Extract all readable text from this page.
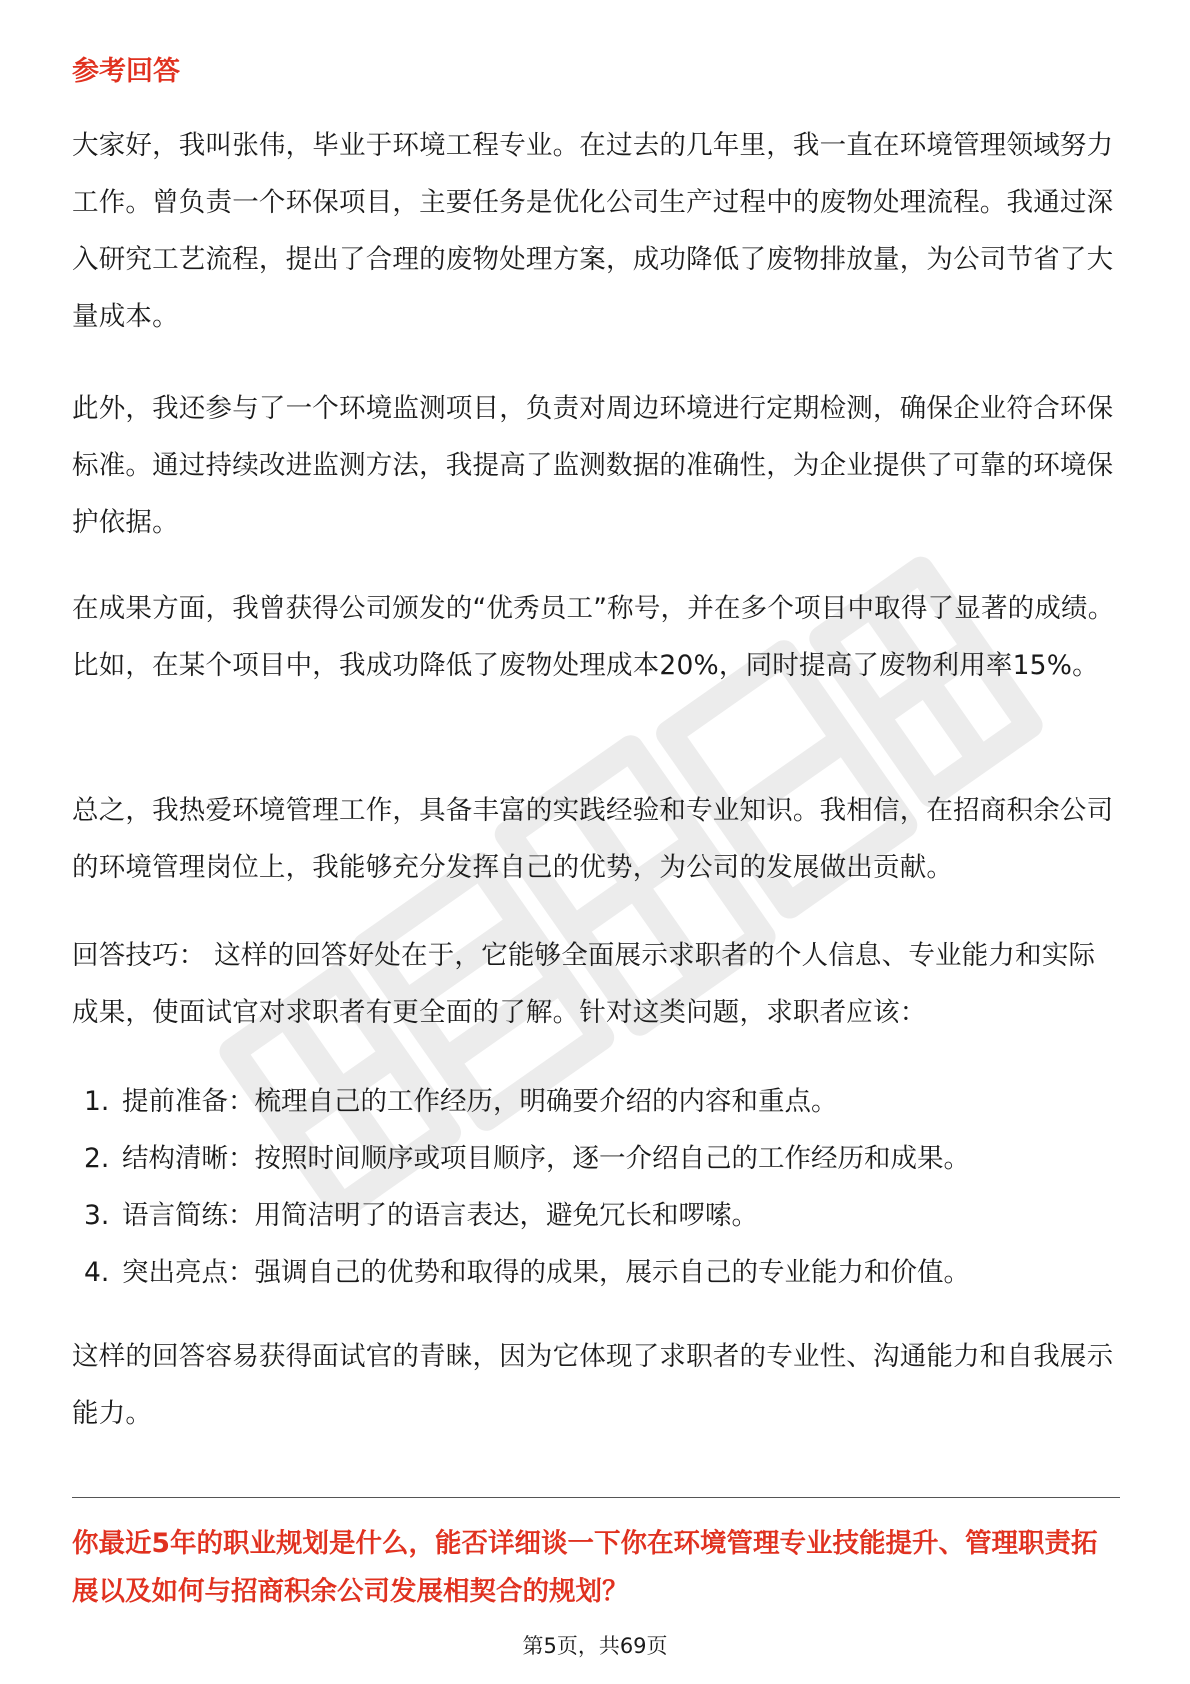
参考回答

大家好，我叫张伟，毕业于环境工程专业。在过去的几年里，我一直在环境管理领域努力工作。曾负责一个环保项目，主要任务是优化公司生产过程中的废物处理流程。我通过深入研究工艺流程，提出了合理的废物处理方案，成功降低了废物排放量，为公司节省了大量成本。

此外，我还参与了一个环境监测项目，负责对周边环境进行定期检测，确保企业符合环保标准。通过持续改进监测方法，我提高了监测数据的准确性，为企业提供了可靠的环境保护依据。

在成果方面，我曾获得公司颁发的“优秀员工”称号，并在多个项目中取得了显著的成绩。比如，在某个项目中，我成功降低了废物处理成本20%，同时提高了废物利用率15%。

总之，我热爱环境管理工作，具备丰富的实践经验和专业知识。我相信，在招商积余公司的环境管理岗位上，我能够充分发挥自己的优势，为公司的发展做出贡献。

回答技巧： 这样的回答好处在于，它能够全面展示求职者的个人信息、专业能力和实际成果，使面试官对求职者有更全面的了解。针对这类问题，求职者应该：

1. 提前准备：梳理自己的工作经历，明确要介绍的内容和重点。
2. 结构清晰：按照时间顺序或项目顺序，逐一介绍自己的工作经历和成果。
3. 语言简练：用简洁明了的语言表达，避免冗长和啰嗦。
4. 突出亮点：强调自己的优势和取得的成果，展示自己的专业能力和价值。

这样的回答容易获得面试官的青睐，因为它体现了求职者的专业性、沟通能力和自我展示能力。

你最近5年的职业规划是什么，能否详细谈一下你在环境管理专业技能提升、管理职责拓展以及如何与招商积余公司发展相契合的规划？

第5页，共69页
